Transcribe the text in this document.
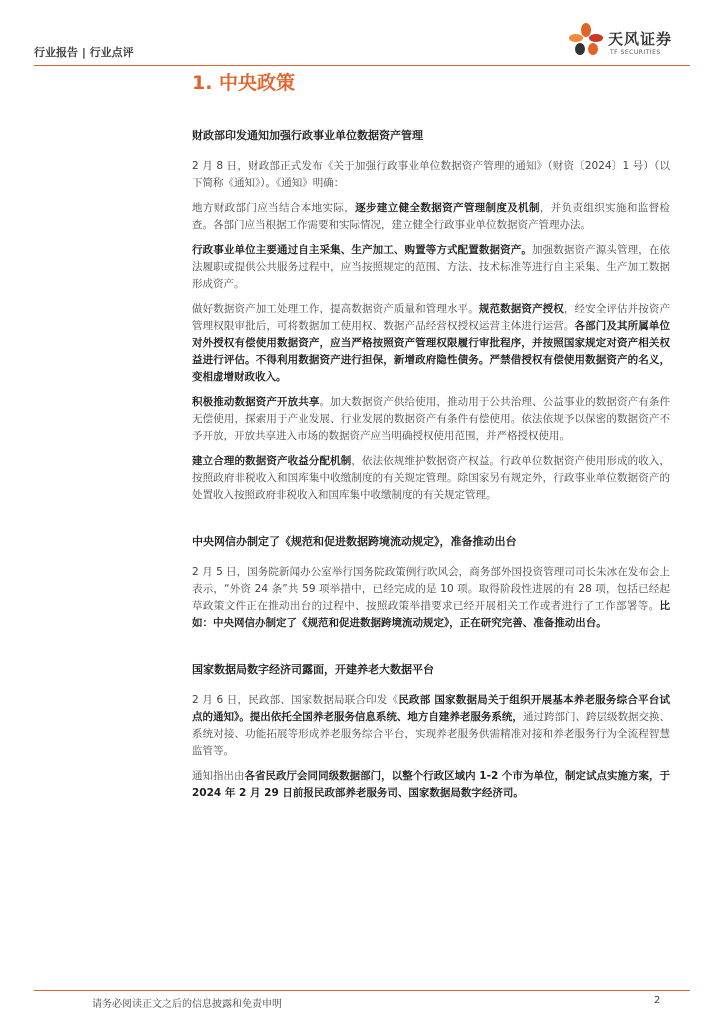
行业报告 | 行业点评
天风证券
TF SECURITIES
1. 中央政策
财政部印发通知加强行政事业单位数据资产管理

2 月 8 日，财政部正式发布《关于加强行政事业单位数据资产管理的通知》（财资〔2024〕1 号）（以下简称《通知》）。《通知》明确：

地方财政部门应当结合本地实际，逐步建立健全数据资产管理制度及机制，并负责组织实施和监督检查。各部门应当根据工作需要和实际情况，建立健全行政事业单位数据资产管理办法。

行政事业单位主要通过自主采集、生产加工、购置等方式配置数据资产。加强数据资产源头管理，在依法履职或提供公共服务过程中，应当按照规定的范围、方法、技术标准等进行自主采集、生产加工数据形成资产。

做好数据资产加工处理工作，提高数据资产质量和管理水平。规范数据资产授权，经安全评估并按资产管理权限审批后，可将数据加工使用权、数据产品经营权授权运营主体进行运营。各部门及其所属单位对外授权有偿使用数据资产，应当严格按照资产管理权限履行审批程序，并按照国家规定对资产相关权益进行评估。不得利用数据资产进行担保，新增政府隐性债务。严禁借授权有偿使用数据资产的名义，变相虚增财政收入。

积极推动数据资产开放共享。加大数据资产供给使用，推动用于公共治理、公益事业的数据资产有条件无偿使用，探索用于产业发展、行业发展的数据资产有条件有偿使用。依法依规予以保密的数据资产不予开放，开放共享进入市场的数据资产应当明确授权使用范围，并严格授权使用。

建立合理的数据资产收益分配机制，依法依规维护数据资产权益。行政单位数据资产使用形成的收入，按照政府非税收入和国库集中收缴制度的有关规定管理。除国家另有规定外，行政事业单位数据资产的处置收入按照政府非税收入和国库集中收缴制度的有关规定管理。

中央网信办制定了《规范和促进数据跨境流动规定》，准备推动出台

2 月 5 日，国务院新闻办公室举行国务院政策例行吹风会，商务部外国投资管理司司长朱冰在发布会上表示，“外资 24 条”共 59 项举措中，已经完成的是 10 项。取得阶段性进展的有 28 项，包括已经起草政策文件正在推动出台的过程中、按照政策举措要求已经开展相关工作或者进行了工作部署等。比如：中央网信办制定了《规范和促进数据跨境流动规定》，正在研究完善、准备推动出台。

国家数据局数字经济司露面，开建养老大数据平台

2 月 6 日，民政部、国家数据局联合印发《民政部 国家数据局关于组织开展基本养老服务综合平台试点的通知》。提出依托全国养老服务信息系统、地方自建养老服务系统，通过跨部门、跨层级数据交换、系统对接、功能拓展等形成养老服务综合平台，实现养老服务供需精准对接和养老服务行为全流程智慧监管等。

通知指出由各省民政厅会同同级数据部门，以整个行政区域内 1-2 个市为单位，制定试点实施方案，于 2024 年 2 月 29 日前报民政部养老服务司、国家数据局数字经济司。

请务必阅读正文之后的信息披露和免责申明	2
